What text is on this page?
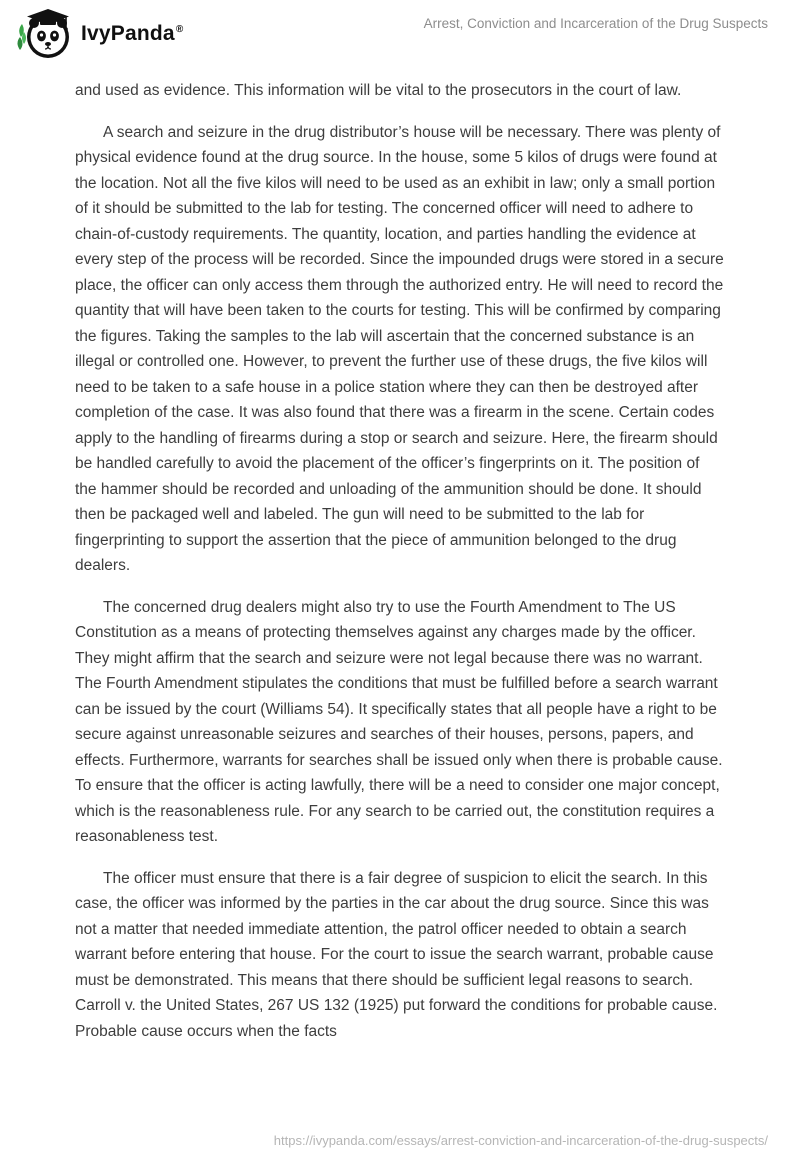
IvyPanda®	Arrest, Conviction and Incarceration of the Drug Suspects

and used as evidence. This information will be vital to the prosecutors in the court of law.

A search and seizure in the drug distributor’s house will be necessary. There was plenty of physical evidence found at the drug source. In the house, some 5 kilos of drugs were found at the location. Not all the five kilos will need to be used as an exhibit in law; only a small portion of it should be submitted to the lab for testing. The concerned officer will need to adhere to chain-of-custody requirements. The quantity, location, and parties handling the evidence at every step of the process will be recorded. Since the impounded drugs were stored in a secure place, the officer can only access them through the authorized entry. He will need to record the quantity that will have been taken to the courts for testing. This will be confirmed by comparing the figures. Taking the samples to the lab will ascertain that the concerned substance is an illegal or controlled one. However, to prevent the further use of these drugs, the five kilos will need to be taken to a safe house in a police station where they can then be destroyed after completion of the case. It was also found that there was a firearm in the scene. Certain codes apply to the handling of firearms during a stop or search and seizure. Here, the firearm should be handled carefully to avoid the placement of the officer’s fingerprints on it. The position of the hammer should be recorded and unloading of the ammunition should be done. It should then be packaged well and labeled. The gun will need to be submitted to the lab for fingerprinting to support the assertion that the piece of ammunition belonged to the drug dealers.

The concerned drug dealers might also try to use the Fourth Amendment to The US Constitution as a means of protecting themselves against any charges made by the officer. They might affirm that the search and seizure were not legal because there was no warrant. The Fourth Amendment stipulates the conditions that must be fulfilled before a search warrant can be issued by the court (Williams 54). It specifically states that all people have a right to be secure against unreasonable seizures and searches of their houses, persons, papers, and effects. Furthermore, warrants for searches shall be issued only when there is probable cause. To ensure that the officer is acting lawfully, there will be a need to consider one major concept, which is the reasonableness rule. For any search to be carried out, the constitution requires a reasonableness test.

The officer must ensure that there is a fair degree of suspicion to elicit the search. In this case, the officer was informed by the parties in the car about the drug source. Since this was not a matter that needed immediate attention, the patrol officer needed to obtain a search warrant before entering that house. For the court to issue the search warrant, probable cause must be demonstrated. This means that there should be sufficient legal reasons to search. Carroll v. the United States, 267 US 132 (1925) put forward the conditions for probable cause. Probable cause occurs when the facts

https://ivypanda.com/essays/arrest-conviction-and-incarceration-of-the-drug-suspects/
